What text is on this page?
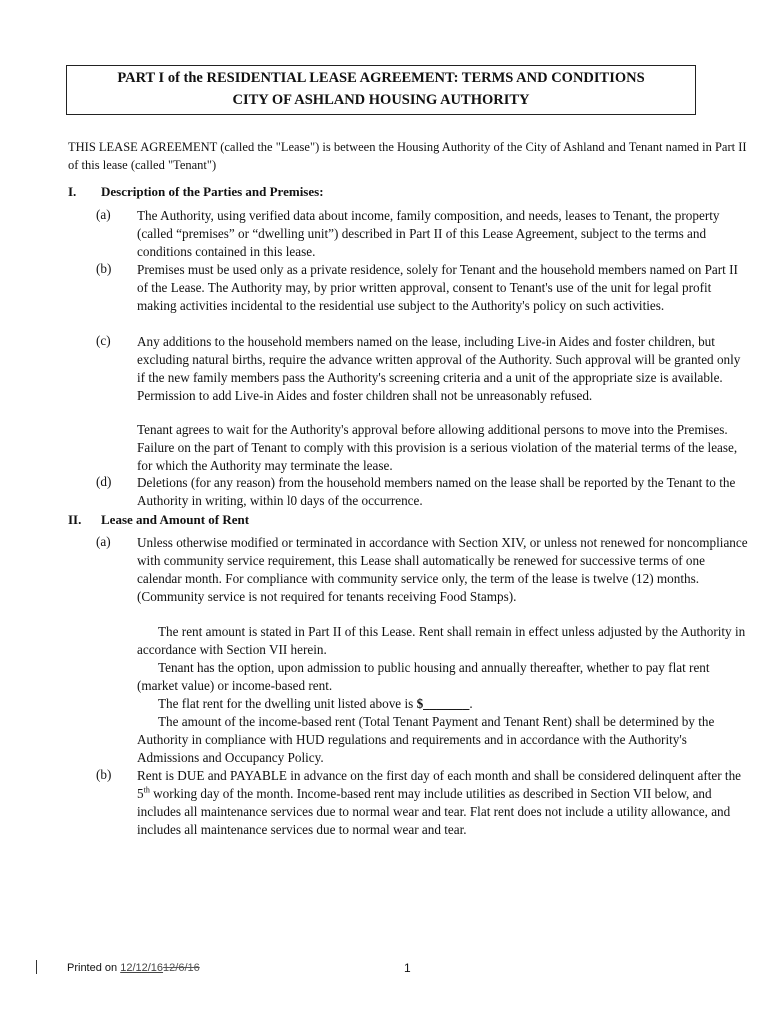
PART I of the RESIDENTIAL LEASE AGREEMENT: TERMS AND CONDITIONS
CITY OF ASHLAND HOUSING AUTHORITY
THIS LEASE AGREEMENT (called the "Lease") is between the Housing Authority of the City of Ashland and Tenant named in Part II of this lease (called "Tenant")
I. Description of the Parties and Premises:
(a) The Authority, using verified data about income, family composition, and needs, leases to Tenant, the property (called “premises” or “dwelling unit”) described in Part II of this Lease Agreement, subject to the terms and conditions contained in this lease.
(b) Premises must be used only as a private residence, solely for Tenant and the household members named on Part II of the Lease. The Authority may, by prior written approval, consent to Tenant's use of the unit for legal profit making activities incidental to the residential use subject to the Authority's policy on such activities.
(c) Any additions to the household members named on the lease, including Live-in Aides and foster children, but excluding natural births, require the advance written approval of the Authority. Such approval will be granted only if the new family members pass the Authority's screening criteria and a unit of the appropriate size is available. Permission to add Live-in Aides and foster children shall not be unreasonably refused.
Tenant agrees to wait for the Authority's approval before allowing additional persons to move into the Premises. Failure on the part of Tenant to comply with this provision is a serious violation of the material terms of the lease, for which the Authority may terminate the lease.
(d) Deletions (for any reason) from the household members named on the lease shall be reported by the Tenant to the Authority in writing, within l0 days of the occurrence.
II. Lease and Amount of Rent
(a) Unless otherwise modified or terminated in accordance with Section XIV, or unless not renewed for noncompliance with community service requirement, this Lease shall automatically be renewed for successive terms of one calendar month. For compliance with community service only, the term of the lease is twelve (12) months. (Community service is not required for tenants receiving Food Stamps).
The rent amount is stated in Part II of this Lease. Rent shall remain in effect unless adjusted by the Authority in accordance with Section VII herein.
Tenant has the option, upon admission to public housing and annually thereafter, whether to pay flat rent (market value) or income-based rent.
The flat rent for the dwelling unit listed above is $_______.
The amount of the income-based rent (Total Tenant Payment and Tenant Rent) shall be determined by the Authority in compliance with HUD regulations and requirements and in accordance with the Authority's Admissions and Occupancy Policy.
(b) Rent is DUE and PAYABLE in advance on the first day of each month and shall be considered delinquent after the 5th working day of the month. Income-based rent may include utilities as described in Section VII below, and includes all maintenance services due to normal wear and tear. Flat rent does not include a utility allowance, and includes all maintenance services due to normal wear and tear.
Printed on 12/12/1612/6/16	1
